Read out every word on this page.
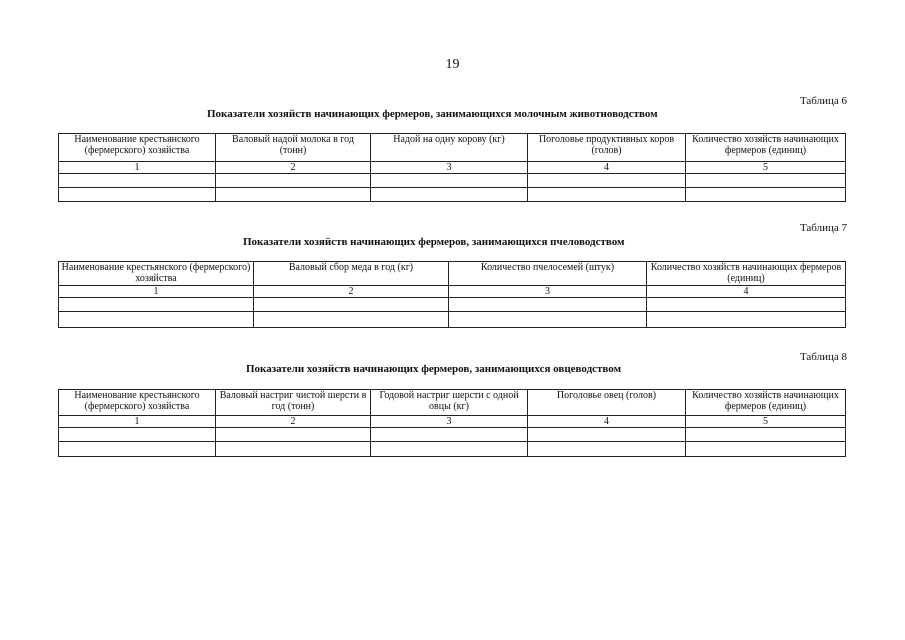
19
Таблица 6
Показатели хозяйств начинающих фермеров, занимающихся молочным животноводством
Наименование крестьянского (фермерского) хозяйства	Валовый надой молока в год (тонн)	Надой на одну корову (кг)	Поголовье продуктивных коров (голов)	Количество хозяйств начинающих фермеров (единиц)
1	2	3	4	5

Таблица 7
Показатели хозяйств начинающих фермеров, занимающихся пчеловодством
Наименование крестьянского (фермерского) хозяйства	Валовый сбор меда в год (кг)	Количество пчелосемей (штук)	Количество хозяйств начинающих фермеров (единиц)
1	2	3	4

Таблица 8
Показатели хозяйств начинающих фермеров, занимающихся овцеводством
Наименование крестьянского (фермерского) хозяйства	Валовый настриг чистой шерсти в год (тонн)	Годовой настриг шерсти с одной овцы (кг)	Поголовье овец (голов)	Количество хозяйств начинающих фермеров (единиц)
1	2	3	4	5
